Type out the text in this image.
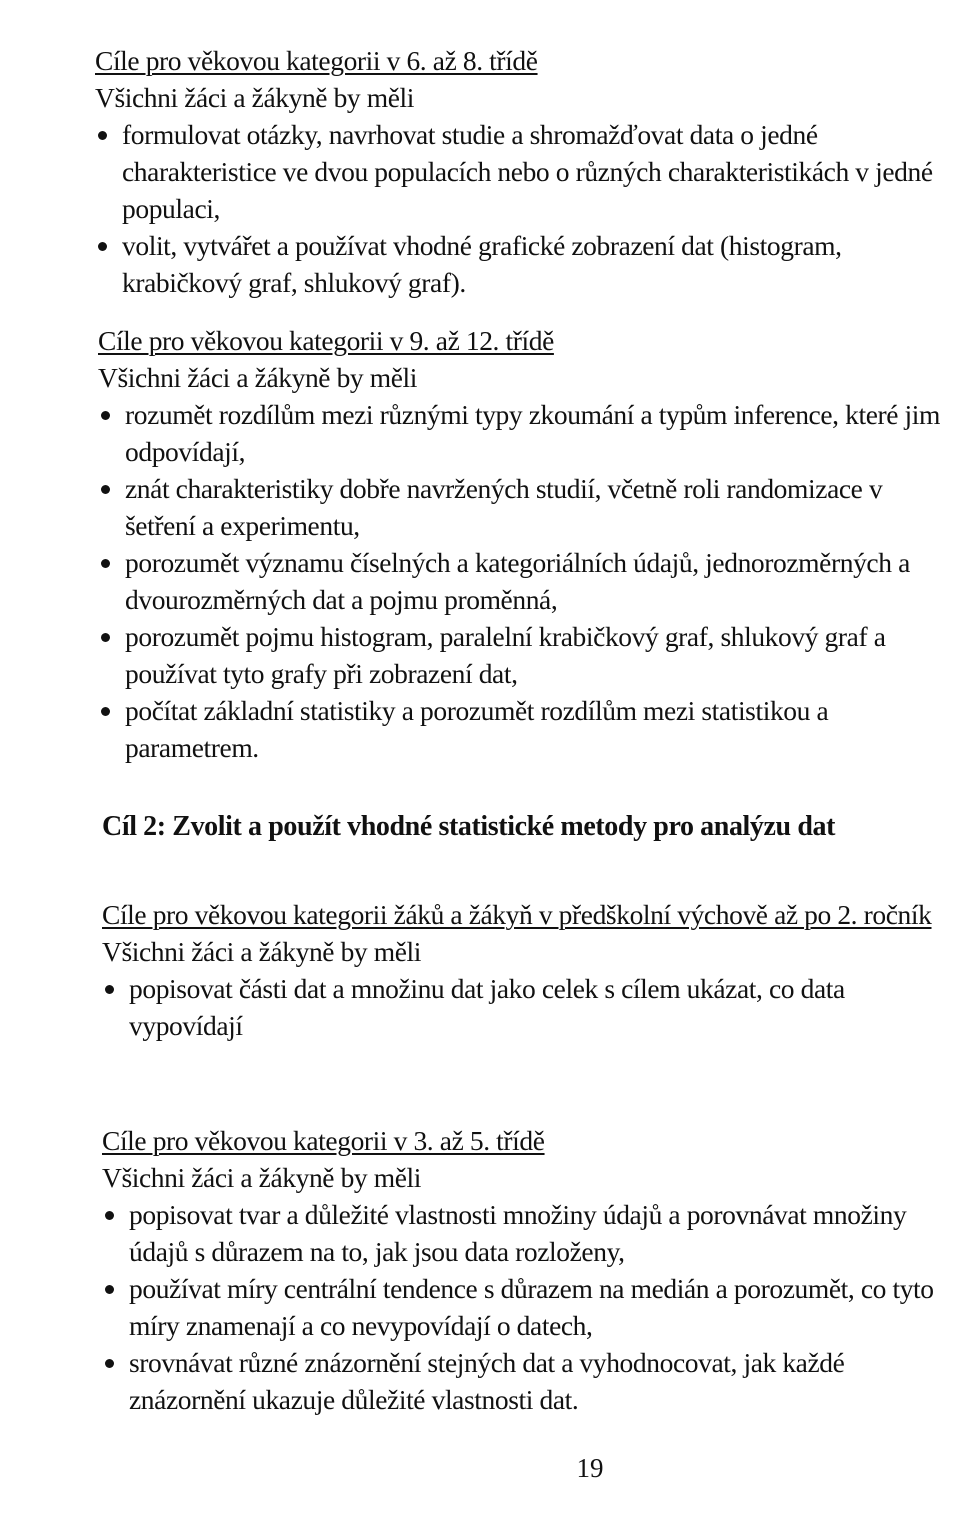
Cíle pro věkovou kategorii v 6. až 8. třídě

Všichni žáci a žákyně by měli

formulovat otázky, navrhovat studie a shromažďovat data o jedné charakteristice ve dvou populacích nebo o různých charakteristikách v jedné populaci,
volit, vytvářet a používat vhodné grafické zobrazení dat (histogram, krabičkový graf, shlukový graf).

Cíle pro věkovou kategorii v 9. až 12. třídě

Všichni žáci a žákyně by měli

rozumět rozdílům mezi různými typy zkoumání a typům inference, které jim odpovídají,
znát charakteristiky dobře navržených studií, včetně roli randomizace v šetření a experimentu,
porozumět významu číselných a kategoriálních údajů, jednorozměrných a dvourozměrných dat a pojmu proměnná,
porozumět pojmu histogram, paralelní krabičkový graf, shlukový graf a používat tyto grafy při zobrazení dat,
počítat základní statistiky a porozumět rozdílům mezi statistikou a parametrem.

Cíl 2: Zvolit a použít vhodné statistické metody pro analýzu dat

Cíle pro věkovou kategorii žáků a žákyň v předškolní výchově až po 2. ročník

Všichni žáci a žákyně by měli

popisovat části dat a množinu dat jako celek s cílem ukázat, co data vypovídají

Cíle pro věkovou kategorii v 3. až 5. třídě

Všichni žáci a žákyně by měli

popisovat tvar a důležité vlastnosti množiny údajů a porovnávat množiny údajů s důrazem na to, jak jsou data rozloženy,
používat míry centrální tendence s důrazem na medián a porozumět, co tyto míry znamenají a co nevypovídají o datech,
srovnávat různé znázornění stejných dat a vyhodnocovat, jak každé znázornění ukazuje důležité vlastnosti dat.

19
